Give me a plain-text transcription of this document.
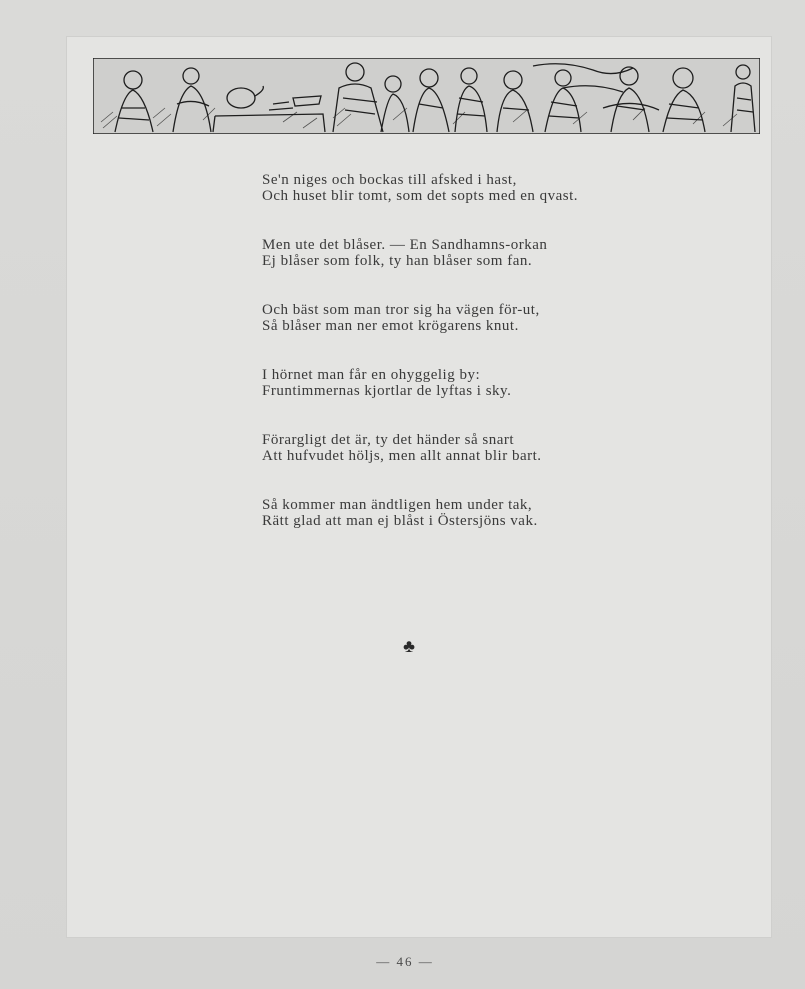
Se'n niges och bockas till afsked i hast,
Och huset blir tomt, som det sopts med en qvast.
Men ute det blåser. — En Sandhamns-orkan
Ej blåser som folk, ty han blåser som fan.
Och bäst som man tror sig ha vägen för-ut,
Så blåser man ner emot krögarens knut.
I hörnet man får en ohyggelig by:
Fruntimmernas kjortlar de lyftas i sky.
Förargligt det är, ty det händer så snart
Att hufvudet höljs, men allt annat blir bart.
Så kommer man ändtligen hem under tak,
Rätt glad att man ej blåst i Östersjöns vak.
♣
— 46 —
